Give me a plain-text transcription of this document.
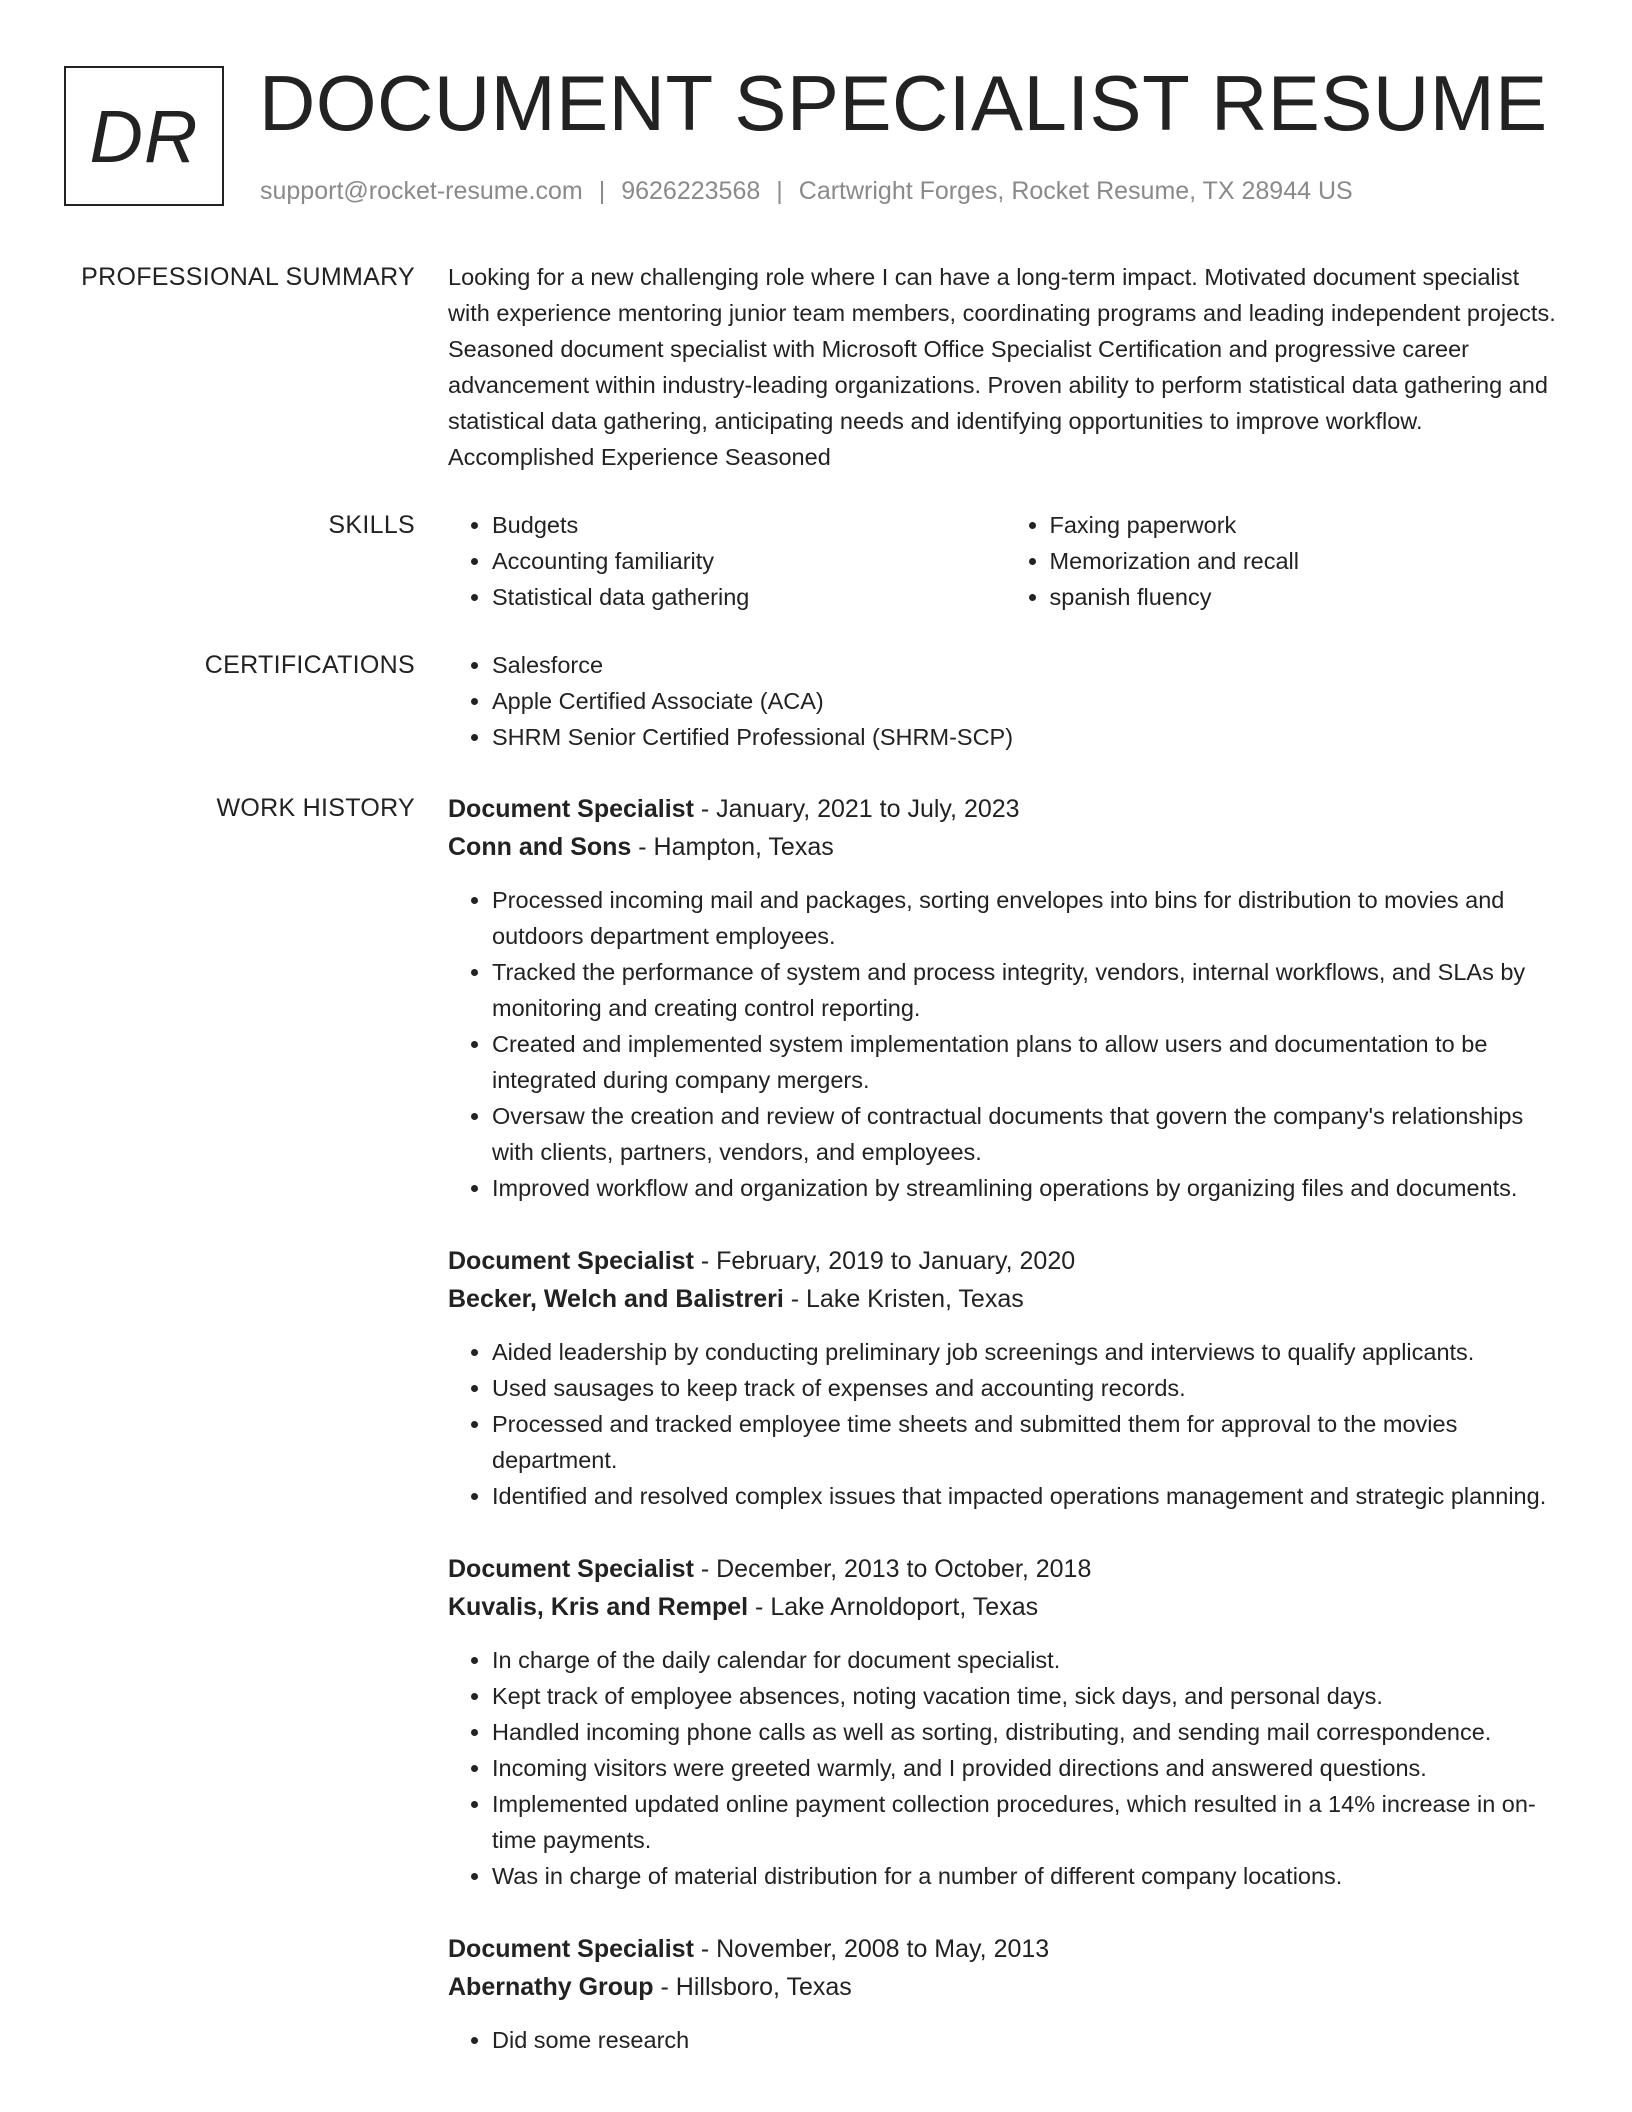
DR DOCUMENT SPECIALIST RESUME
support@rocket-resume.com | 9626223568 | Cartwright Forges, Rocket Resume, TX 28944 US
PROFESSIONAL SUMMARY Looking for a new challenging role where I can have a long-term impact. Motivated document specialist with experience mentoring junior team members, coordinating programs and leading independent projects. Seasoned document specialist with Microsoft Office Specialist Certification and progressive career advancement within industry-leading organizations. Proven ability to perform statistical data gathering and statistical data gathering, anticipating needs and identifying opportunities to improve workflow. Accomplished Experience Seasoned

SKILLS	• Budgets
• Accounting familiarity
• Statistical data gathering
• Faxing paperwork
• Memorization and recall
• spanish fluency
CERTIFICATIONS	• Salesforce
• Apple Certified Associate (ACA)
• SHRM Senior Certified Professional (SHRM-SCP)
WORK HISTORY Document Specialist - January, 2021 to July, 2023
Conn and Sons - Hampton, Texas
• Processed incoming mail and packages, sorting envelopes into bins for distribution to movies and outdoors department employees.
• Tracked the performance of system and process integrity, vendors, internal workflows, and SLAs by monitoring and creating control reporting.
• Created and implemented system implementation plans to allow users and documentation to be integrated during company mergers.
• Oversaw the creation and review of contractual documents that govern the company's relationships with clients, partners, vendors, and employees.
• Improved workflow and organization by streamlining operations by organizing files and documents.
Document Specialist - February, 2019 to January, 2020
Becker, Welch and Balistreri - Lake Kristen, Texas
• Aided leadership by conducting preliminary job screenings and interviews to qualify applicants.
• Used sausages to keep track of expenses and accounting records.
• Processed and tracked employee time sheets and submitted them for approval to the movies department.
• Identified and resolved complex issues that impacted operations management and strategic planning.
Document Specialist - December, 2013 to October, 2018
Kuvalis, Kris and Rempel - Lake Arnoldoport, Texas
• In charge of the daily calendar for document specialist.
• Kept track of employee absences, noting vacation time, sick days, and personal days.
• Handled incoming phone calls as well as sorting, distributing, and sending mail correspondence.
• Incoming visitors were greeted warmly, and I provided directions and answered questions.
• Implemented updated online payment collection procedures, which resulted in a 14% increase in on-time payments.
• Was in charge of material distribution for a number of different company locations.
Document Specialist - November, 2008 to May, 2013
Abernathy Group - Hillsboro, Texas
• Did some research
